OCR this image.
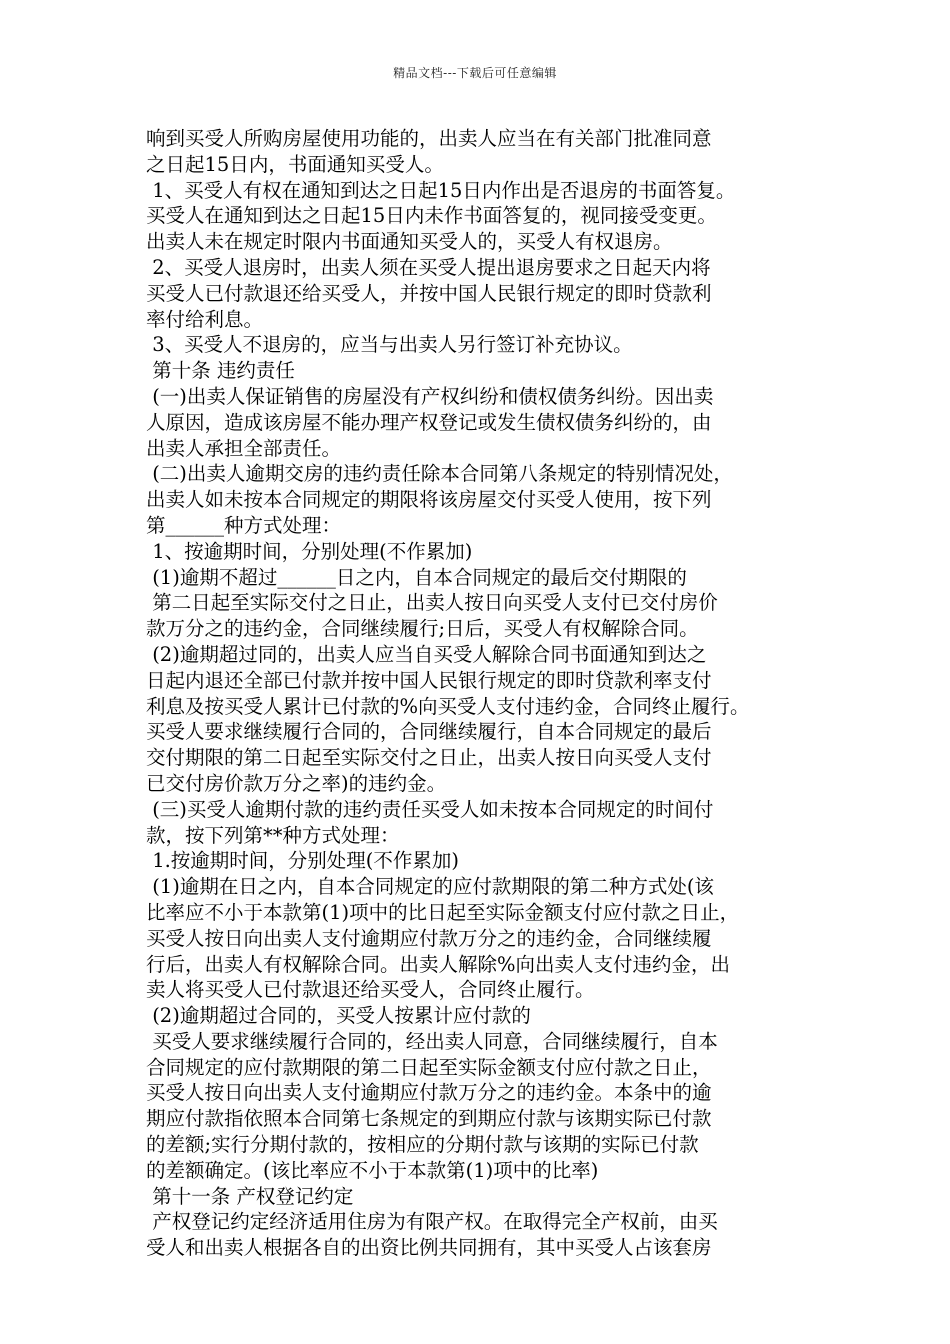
精品文档---下载后可任意编辑
响到买受人所购房屋使用功能的，出卖人应当在有关部门批准同意
之日起15日内，书面通知买受人。
1、买受人有权在通知到达之日起15日内作出是否退房的书面答复。
买受人在通知到达之日起15日内未作书面答复的，视同接受变更。
出卖人未在规定时限内书面通知买受人的，买受人有权退房。
2、买受人退房时，出卖人须在买受人提出退房要求之日起天内将
买受人已付款退还给买受人，并按中国人民银行规定的即时贷款利
率付给利息。
3、买受人不退房的，应当与出卖人另行签订补充协议。
第十条 违约责任
(一)出卖人保证销售的房屋没有产权纠纷和债权债务纠纷。因出卖
人原因，造成该房屋不能办理产权登记或发生债权债务纠纷的，由
出卖人承担全部责任。
(二)出卖人逾期交房的违约责任除本合同第八条规定的特别情况处，
出卖人如未按本合同规定的期限将该房屋交付买受人使用，按下列
第______种方式处理：
1、按逾期时间，分别处理(不作累加)
(1)逾期不超过______日之内，自本合同规定的最后交付期限的
第二日起至实际交付之日止，出卖人按日向买受人支付已交付房价
款万分之的违约金，合同继续履行;日后，买受人有权解除合同。
(2)逾期超过同的，出卖人应当自买受人解除合同书面通知到达之
日起内退还全部已付款并按中国人民银行规定的即时贷款利率支付
利息及按买受人累计已付款的%向买受人支付违约金，合同终止履行。
买受人要求继续履行合同的，合同继续履行，自本合同规定的最后
交付期限的第二日起至实际交付之日止，出卖人按日向买受人支付
已交付房价款万分之率)的违约金。
(三)买受人逾期付款的违约责任买受人如未按本合同规定的时间付
款，按下列第**种方式处理：
1.按逾期时间，分别处理(不作累加)
(1)逾期在日之内，自本合同规定的应付款期限的第二种方式处(该
比率应不小于本款第(1)项中的比日起至实际金额支付应付款之日止，
买受人按日向出卖人支付逾期应付款万分之的违约金，合同继续履
行后，出卖人有权解除合同。出卖人解除%向出卖人支付违约金，出
卖人将买受人已付款退还给买受人，合同终止履行。
(2)逾期超过合同的，买受人按累计应付款的
买受人要求继续履行合同的，经出卖人同意，合同继续履行，自本
合同规定的应付款期限的第二日起至实际金额支付应付款之日止，
买受人按日向出卖人支付逾期应付款万分之的违约金。本条中的逾
期应付款指依照本合同第七条规定的到期应付款与该期实际已付款
的差额;实行分期付款的，按相应的分期付款与该期的实际已付款
的差额确定。(该比率应不小于本款第(1)项中的比率)
第十一条 产权登记约定
产权登记约定经济适用住房为有限产权。在取得完全产权前，由买
受人和出卖人根据各自的出资比例共同拥有，其中买受人占该套房
